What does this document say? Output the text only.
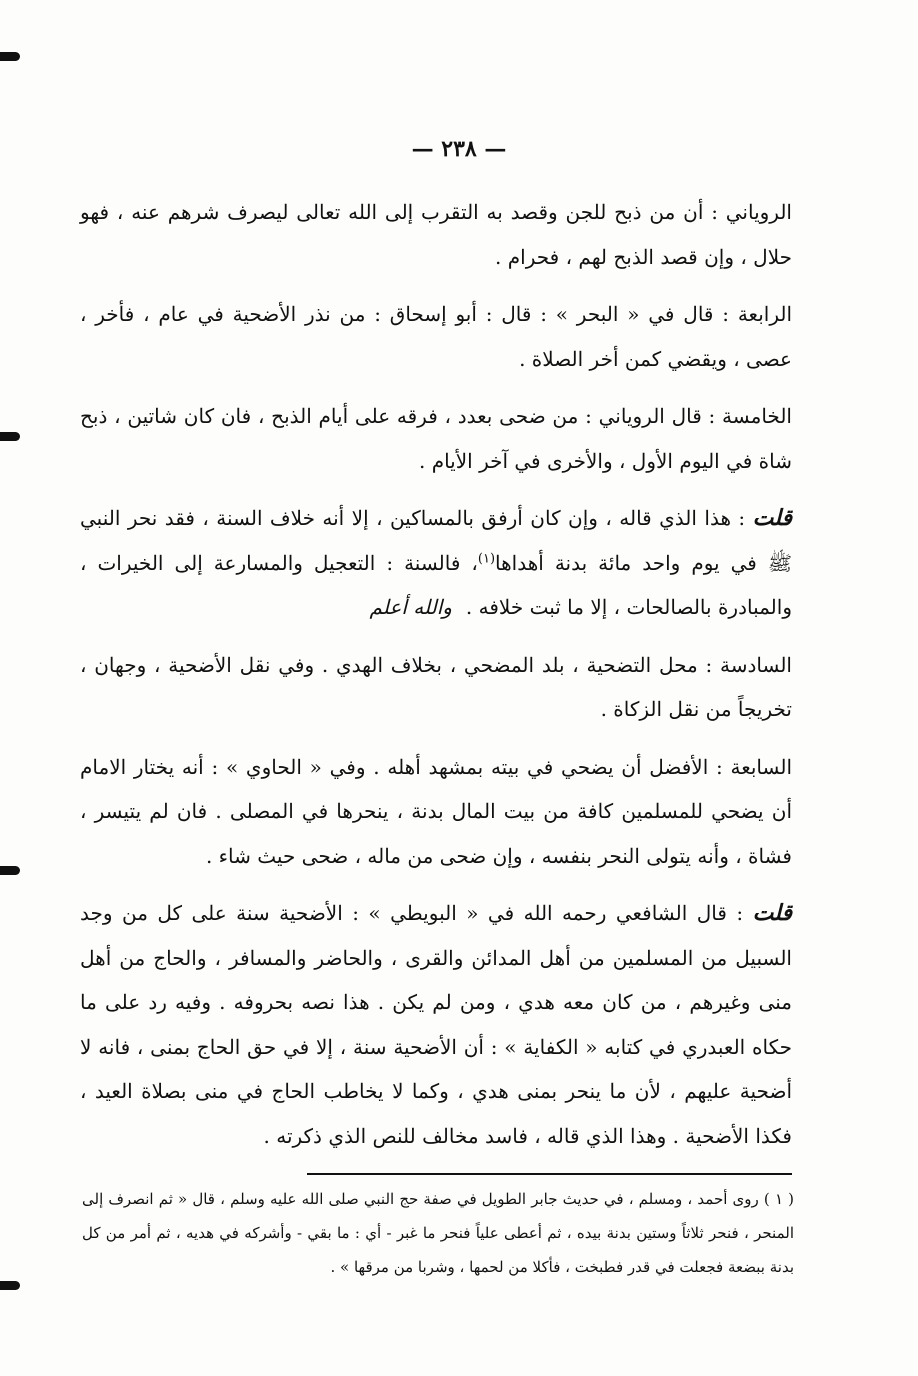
— ٢٣٨ —

الروياني : أن من ذبح للجن وقصد به التقرب إلى الله تعالى ليصرف شرهم عنه ، فهو حلال ، وإن قصد الذبح لهم ، فحرام .

الرابعة : قال في « البحر » : قال : أبو إسحاق : من نذر الأضحية في عام ، فأخر ، عصى ، ويقضي كمن أخر الصلاة .

الخامسة : قال الروياني : من ضحى بعدد ، فرقه على أيام الذبح ، فان كان شاتين ، ذبح شاة في اليوم الأول ، والأخرى في آخر الأيام .

قلت : هذا الذي قاله ، وإن كان أرفق بالمساكين ، إلا أنه خلاف السنة ، فقد نحر النبي ﷺ في يوم واحد مائة بدنة أهداها$^{(١)}$، فالسنة : التعجيل والمسارعة إلى الخيرات ، والمبادرة بالصالحات ، إلا ما ثبت خلافه .والله أعلم

السادسة : محل التضحية ، بلد المضحي ، بخلاف الهدي . وفي نقل الأضحية ، وجهان ، تخريجاً من نقل الزكاة .

السابعة : الأفضل أن يضحي في بيته بمشهد أهله . وفي « الحاوي » : أنه يختار الامام أن يضحي للمسلمين كافة من بيت المال بدنة ، ينحرها في المصلى . فان لم يتيسر ، فشاة ، وأنه يتولى النحر بنفسه ، وإن ضحى من ماله ، ضحى حيث شاء .

قلت : قال الشافعي رحمه الله في « البويطي » : الأضحية سنة على كل من وجد السبيل من المسلمين من أهل المدائن والقرى ، والحاضر والمسافر ، والحاج من أهل منى وغيرهم ، من كان معه هدي ، ومن لم يكن . هذا نصه بحروفه . وفيه رد على ما حكاه العبدري في كتابه « الكفاية » : أن الأضحية سنة ، إلا في حق الحاج بمنى ، فانه لا أضحية عليهم ، لأن ما ينحر بمنى هدي ، وكما لا يخاطب الحاج في منى بصلاة العيد ، فكذا الأضحية . وهذا الذي قاله ، فاسد مخالف للنص الذي ذكرته .

( ١ ) روى أحمد ، ومسلم ، في حديث جابر الطويل في صفة حج النبي صلى الله عليه وسلم ، قال « ثم انصرف إلى المنحر ، فنحر ثلاثاً وستين بدنة بيده ، ثم أعطى علياً فنحر ما غبر - أي : ما بقي - وأشركه في هديه ، ثم أمر من كل بدنة ببضعة فجعلت في قدر فطبخت ، فأكلا من لحمها ، وشربا من مرقها » .
